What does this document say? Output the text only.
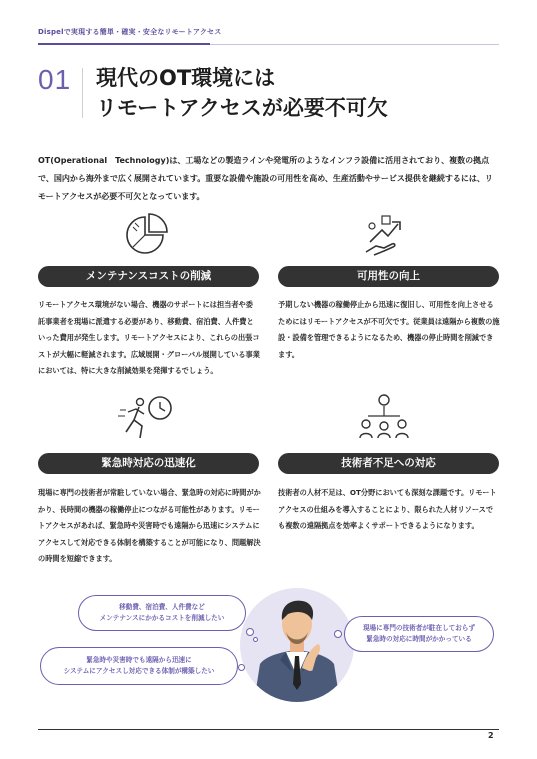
Dispelで実現する簡単・確実・安全なリモートアクセス
01 現代のOT環境には
リモートアクセスが必要不可欠

OT(Operational　Technology)は、工場などの製造ラインや発電所のようなインフラ設備に活用されており、複数の拠点で、国内から海外まで広く展開されています。重要な設備や施設の可用性を高め、生産活動やサービス提供を継続するには、リモートアクセスが必要不可欠となっています。

メンテナンスコストの削減

リモートアクセス環境がない場合、機器のサポートには担当者や委託事業者を現場に派遣する必要があり、移動費、宿泊費、人件費といった費用が発生します。リモートアクセスにより、これらの出張コストが大幅に軽減されます。広域展開・グローバル展開している事業においては、特に大きな削減効果を発揮するでしょう。

可用性の向上

予期しない機器の稼働停止から迅速に復旧し、可用性を向上させるためにはリモートアクセスが不可欠です。従業員は遠隔から複数の施設・設備を管理できるようになるため、機器の停止時間を削減できます。

緊急時対応の迅速化

現場に専門の技術者が常駐していない場合、緊急時の対応に時間がかかり、長時間の機器の稼働停止につながる可能性があります。リモートアクセスがあれば、緊急時や災害時でも遠隔から迅速にシステムにアクセスして対応できる体制を構築することが可能になり、問題解決の時間を短縮できます。

技術者不足への対応

技術者の人材不足は、OT分野においても深刻な課題です。リモートアクセスの仕組みを導入することにより、限られた人材リソースでも複数の遠隔拠点を効率よくサポートできるようになります。

移動費、宿泊費、人件費など
メンテナンスにかかるコストを削減したい
緊急時や災害時でも遠隔から迅速に
システムにアクセスし対応できる体制が構築したい
現場に専門の技術者が駐在しておらず
緊急時の対応に時間がかかっている
2
